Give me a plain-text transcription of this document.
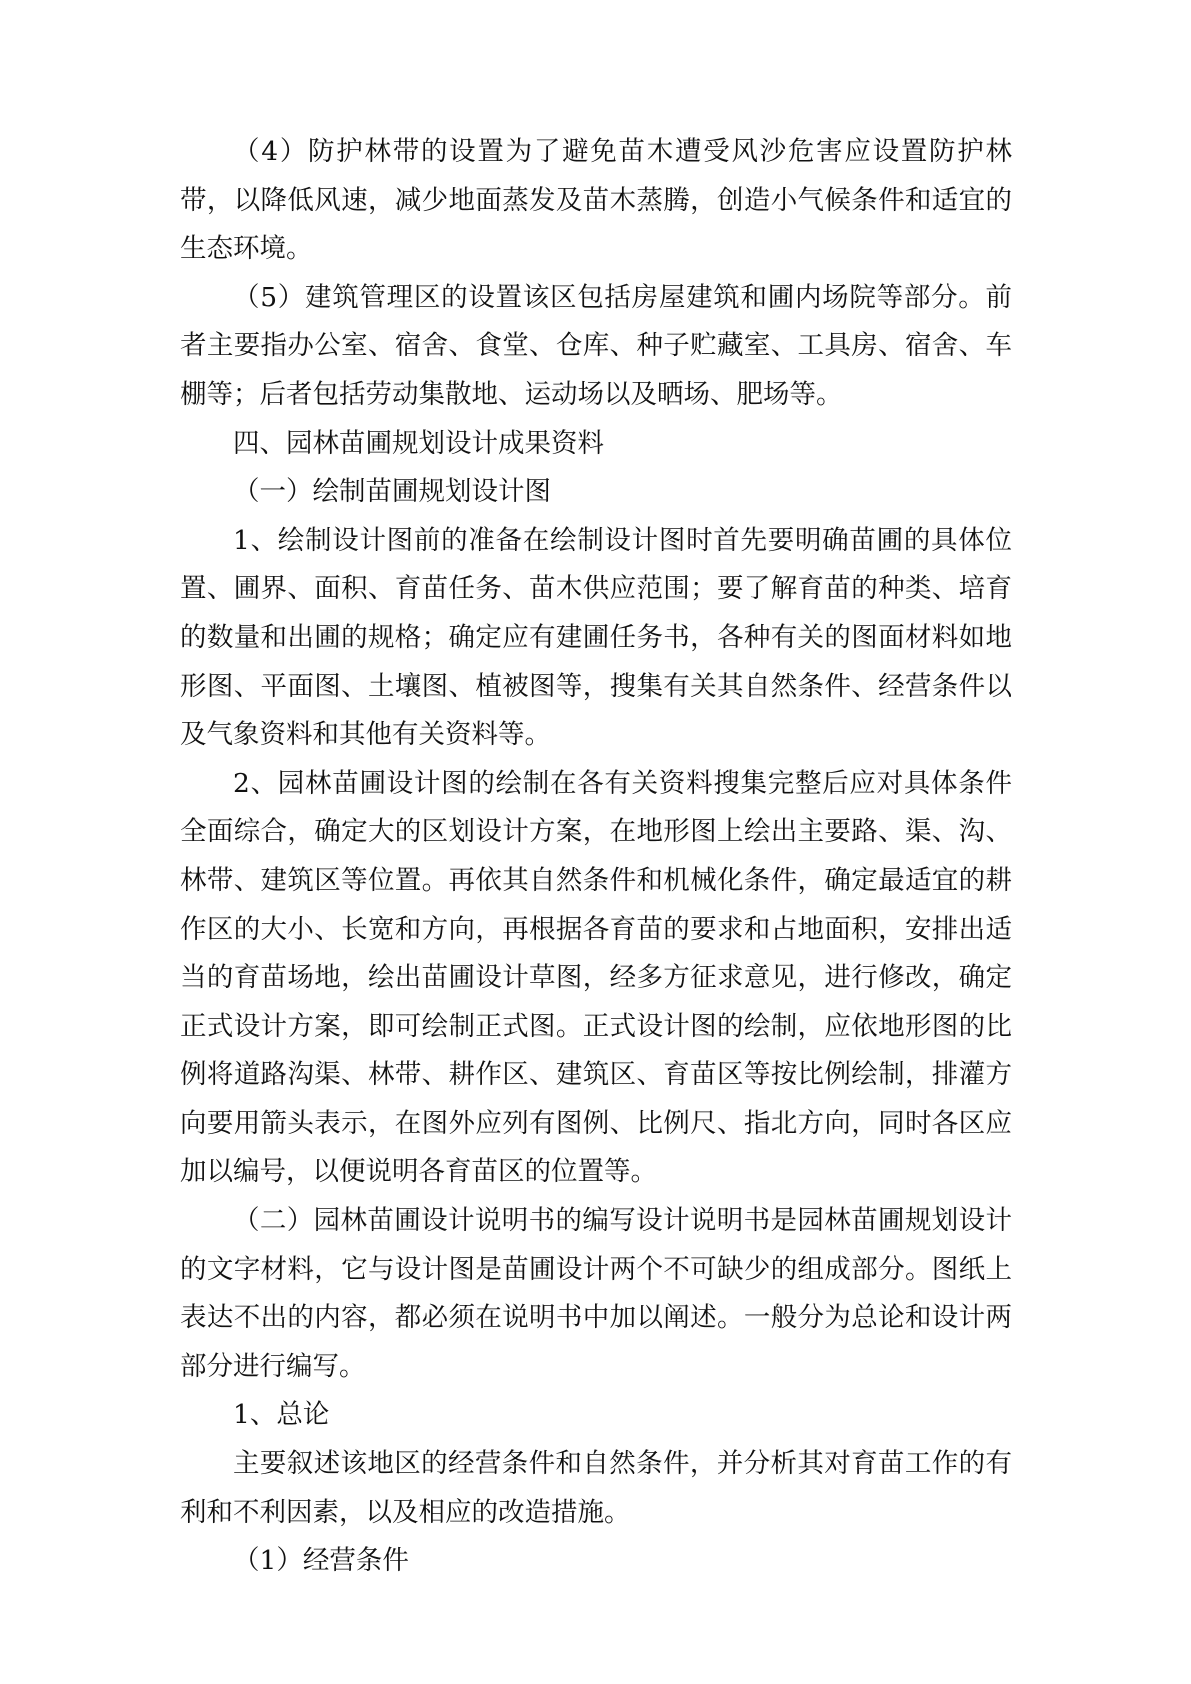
（4）防护林带的设置为了避免苗木遭受风沙危害应设置防护林带，以降低风速，减少地面蒸发及苗木蒸腾，创造小气候条件和适宜的生态环境。

（5）建筑管理区的设置该区包括房屋建筑和圃内场院等部分。前者主要指办公室、宿舍、食堂、仓库、种子贮藏室、工具房、宿舍、车棚等；后者包括劳动集散地、运动场以及晒场、肥场等。

四、园林苗圃规划设计成果资料

（一）绘制苗圃规划设计图

1、绘制设计图前的准备在绘制设计图时首先要明确苗圃的具体位置、圃界、面积、育苗任务、苗木供应范围；要了解育苗的种类、培育的数量和出圃的规格；确定应有建圃任务书，各种有关的图面材料如地形图、平面图、土壤图、植被图等，搜集有关其自然条件、经营条件以及气象资料和其他有关资料等。

2、园林苗圃设计图的绘制在各有关资料搜集完整后应对具体条件全面综合，确定大的区划设计方案，在地形图上绘出主要路、渠、沟、林带、建筑区等位置。再依其自然条件和机械化条件，确定最适宜的耕作区的大小、长宽和方向，再根据各育苗的要求和占地面积，安排出适当的育苗场地，绘出苗圃设计草图，经多方征求意见，进行修改，确定正式设计方案，即可绘制正式图。正式设计图的绘制，应依地形图的比例将道路沟渠、林带、耕作区、建筑区、育苗区等按比例绘制，排灌方向要用箭头表示，在图外应列有图例、比例尺、指北方向，同时各区应加以编号，以便说明各育苗区的位置等。

（二）园林苗圃设计说明书的编写设计说明书是园林苗圃规划设计的文字材料，它与设计图是苗圃设计两个不可缺少的组成部分。图纸上表达不出的内容，都必须在说明书中加以阐述。一般分为总论和设计两部分进行编写。

1、总论

主要叙述该地区的经营条件和自然条件，并分析其对育苗工作的有利和不利因素，以及相应的改造措施。

（1）经营条件
